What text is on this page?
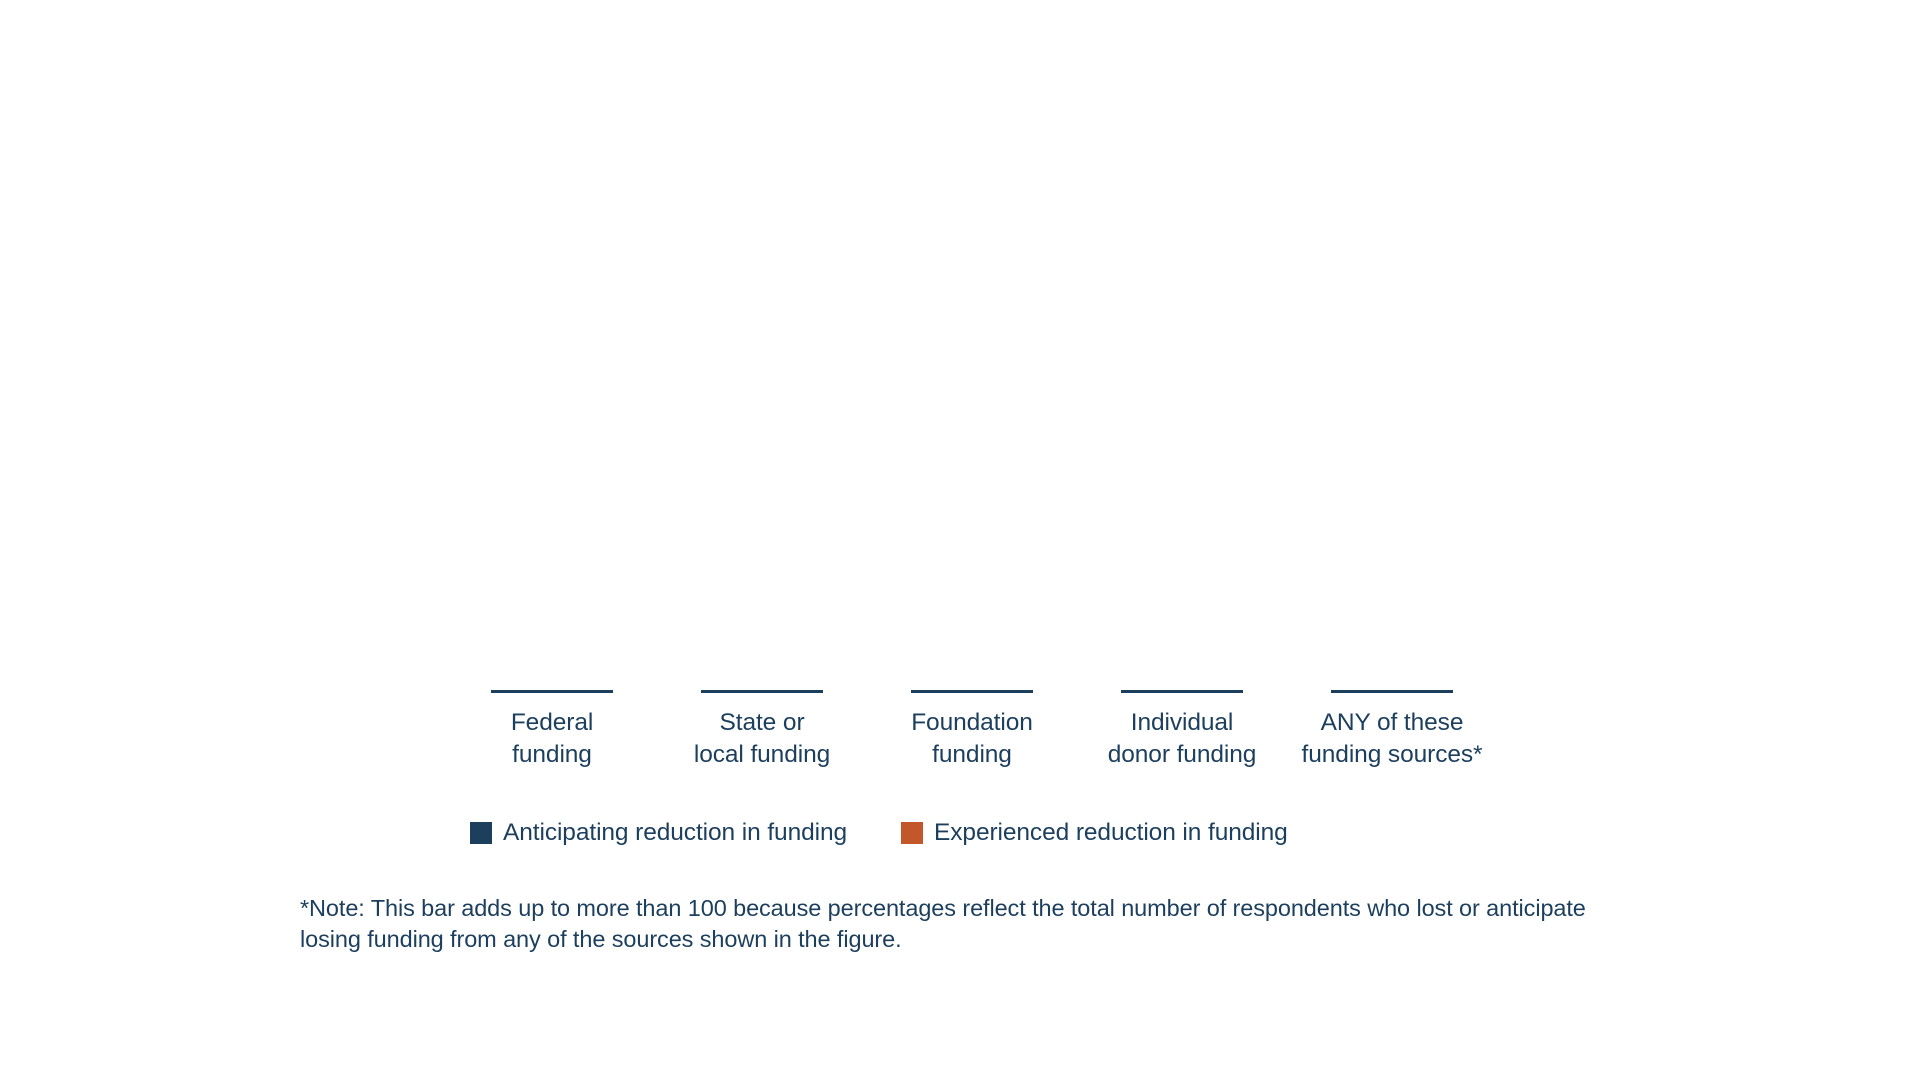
Federal
funding
State or
local funding
Foundation
funding
Individual
donor funding
ANY of these
funding sources*
Anticipating reduction in funding	Experienced reduction in funding
*Note: This bar adds up to more than 100 because percentages reflect the total number of respondents who lost or anticipate losing funding from any of the sources shown in the figure.
